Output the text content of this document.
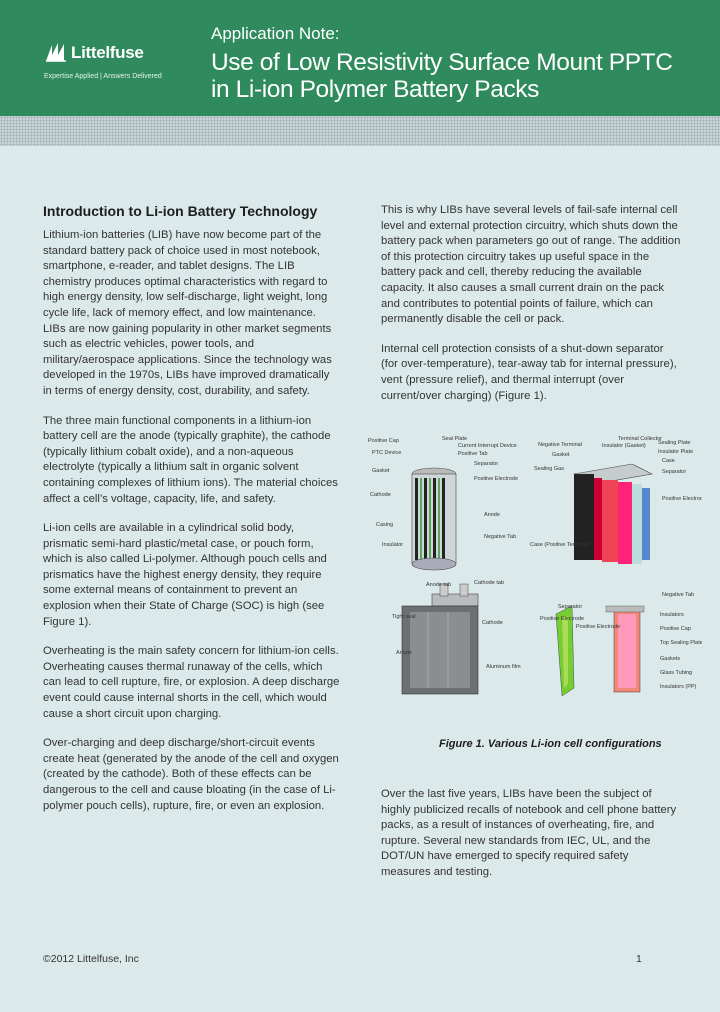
Littelfuse
Expertise Applied | Answers Delivered
Application Note:
Use of Low Resistivity Surface Mount PPTC
in Li-ion Polymer Battery Packs
Introduction to Li-ion Battery Technology

Lithium-ion batteries (LIB) have now become part of the standard battery pack of choice used in most notebook, smartphone, e-reader, and tablet designs. The LIB chemistry produces optimal characteristics with regard to high energy density, low self-discharge, light weight, long cycle life, lack of memory effect, and low maintenance. LIBs are now gaining popularity in other market segments such as electric vehicles, power tools, and military/aerospace applications. Since the technology was developed in the 1970s, LIBs have improved dramatically in terms of energy density, cost, durability, and safety.

The three main functional components in a lithium-ion battery cell are the anode (typically graphite), the cathode (typically lithium cobalt oxide), and a non-aqueous electrolyte (typically a lithium salt in organic solvent containing complexes of lithium ions). The material choices affect a cell’s voltage, capacity, life, and safety.

Li-ion cells are available in a cylindrical solid body, prismatic semi-hard plastic/metal case, or pouch form, which is also called Li-polymer. Although pouch cells and prismatics have the highest energy density, they require some external means of containment to prevent an explosion when their State of Charge (SOC) is high (see Figure 1).

Overheating is the main safety concern for lithium-ion cells. Overheating causes thermal runaway of the cells, which can lead to cell rupture, fire, or explosion. A deep discharge event could cause internal shorts in the cell, which would cause a short circuit upon charging.

Over-charging and deep discharge/short-circuit events create heat (generated by the anode of the cell and oxygen (created by the cathode). Both of these effects can be dangerous to the cell and cause bloating (in the case of Li-polymer pouch cells), rupture, fire, or even an explosion.

This is why LIBs have several levels of fail-safe internal cell level and external protection circuitry, which shuts down the battery pack when parameters go out of range. The addition of this protection circuitry takes up useful space in the battery pack and cell, thereby reducing the available capacity. It also causes a small current drain on the pack and contributes to potential points of failure, which can permanently disable the cell or pack.

Internal cell protection consists of a shut-down separator (for over-temperature), tear-away tab for internal pressure), vent (pressure relief), and thermal interrupt (over current/over charging) (Figure 1).

Positive Cap	Seal Plate
Current Interrupt Device
Positive Tab
PTC Device
Gasket
Separator
Positive Electrode
Cathode
Anode
Casing
Insulator
Negative Tab
Terminal Collector
Sealing Plate
Negative Terminal	Insulator (Gasket)
Insulator Plate
Gasket
Case
Separator
Sealing Gas
Positive Electrode
Case (Positive Terminal)
Anode tab	Cathode tab
Tight seal
Anode
Cathode
Aluminum film
Separator
Positive Electrode
Positive Electrode
Negative Tab
Insulators
Positive Cap
Top Sealing Plate
Gaskets
Glass Tubing
Insulators (PP)
Figure 1. Various Li-ion cell configurations

Over the last five years, LIBs have been the subject of highly publicized recalls of notebook and cell phone battery packs, as a result of instances of overheating, fire, and rupture. Several new standards from IEC, UL, and the DOT/UN have emerged to specify required safety measures and testing.

©2012 Littelfuse, Inc	1
